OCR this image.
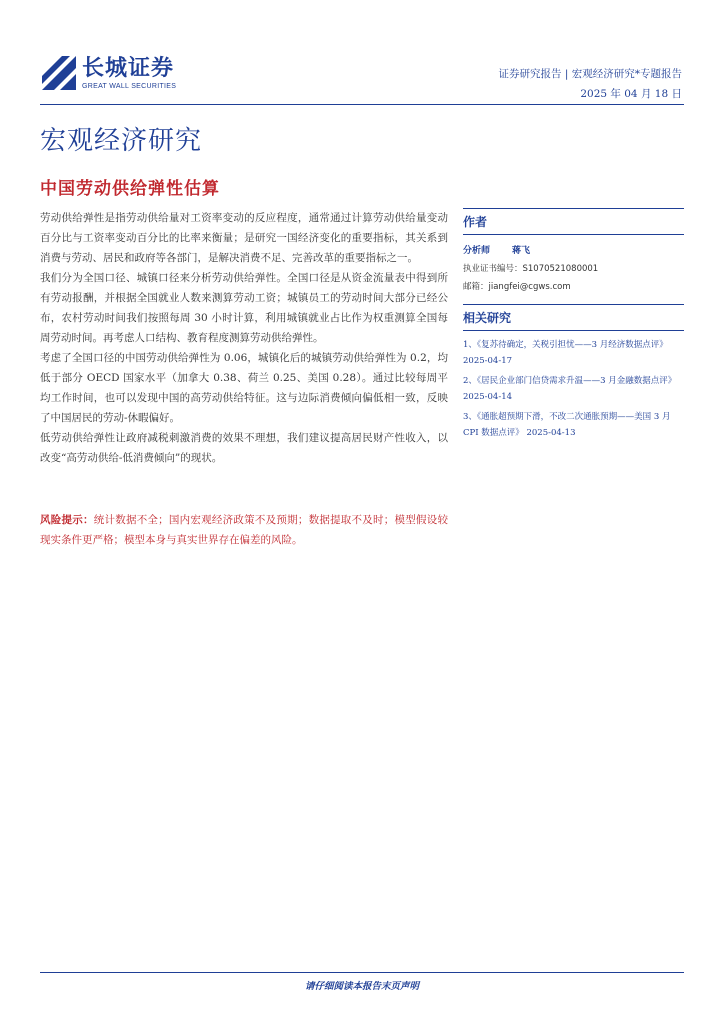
长城证券
GREAT WALL SECURITIES
证券研究报告 | 宏观经济研究*专题报告
2025 年 04 月 18 日
宏观经济研究
中国劳动供给弹性估算

劳动供给弹性是指劳动供给量对工资率变动的反应程度，通常通过计算劳动供给量变动百分比与工资率变动百分比的比率来衡量；是研究一国经济变化的重要指标，其关系到消费与劳动、居民和政府等各部门，是解决消费不足、完善改革的重要指标之一。

我们分为全国口径、城镇口径来分析劳动供给弹性。全国口径是从资金流量表中得到所有劳动报酬，并根据全国就业人数来测算劳动工资；城镇员工的劳动时间大部分已经公布，农村劳动时间我们按照每周 30 小时计算，利用城镇就业占比作为权重测算全国每周劳动时间。再考虑人口结构、教育程度测算劳动供给弹性。

考虑了全国口径的中国劳动供给弹性为 0.06，城镇化后的城镇劳动供给弹性为 0.2，均低于部分 OECD 国家水平（加拿大 0.38、荷兰 0.25、美国 0.28）。通过比较每周平均工作时间，也可以发现中国的高劳动供给特征。这与边际消费倾向偏低相一致，反映了中国居民的劳动-休暇偏好。

低劳动供给弹性让政府减税刺激消费的效果不理想，我们建议提高居民财产性收入，以改变“高劳动供给-低消费倾向”的现状。

风险提示：统计数据不全；国内宏观经济政策不及预期；数据提取不及时；模型假设较现实条件更严格；模型本身与真实世界存在偏差的风险。
作者
分析师 蒋飞
执业证书编号：S1070521080001
邮箱：jiangfei@cgws.com
相关研究
1、《复苏待确定，关税引担忧——3 月经济数据点评》 2025-04-17
2、《居民企业部门信贷需求升温——3 月金融数据点评》 2025-04-14
3、《通胀超预期下滑，不改二次通胀预期——美国 3 月 CPI 数据点评》 2025-04-13
请仔细阅读本报告末页声明
